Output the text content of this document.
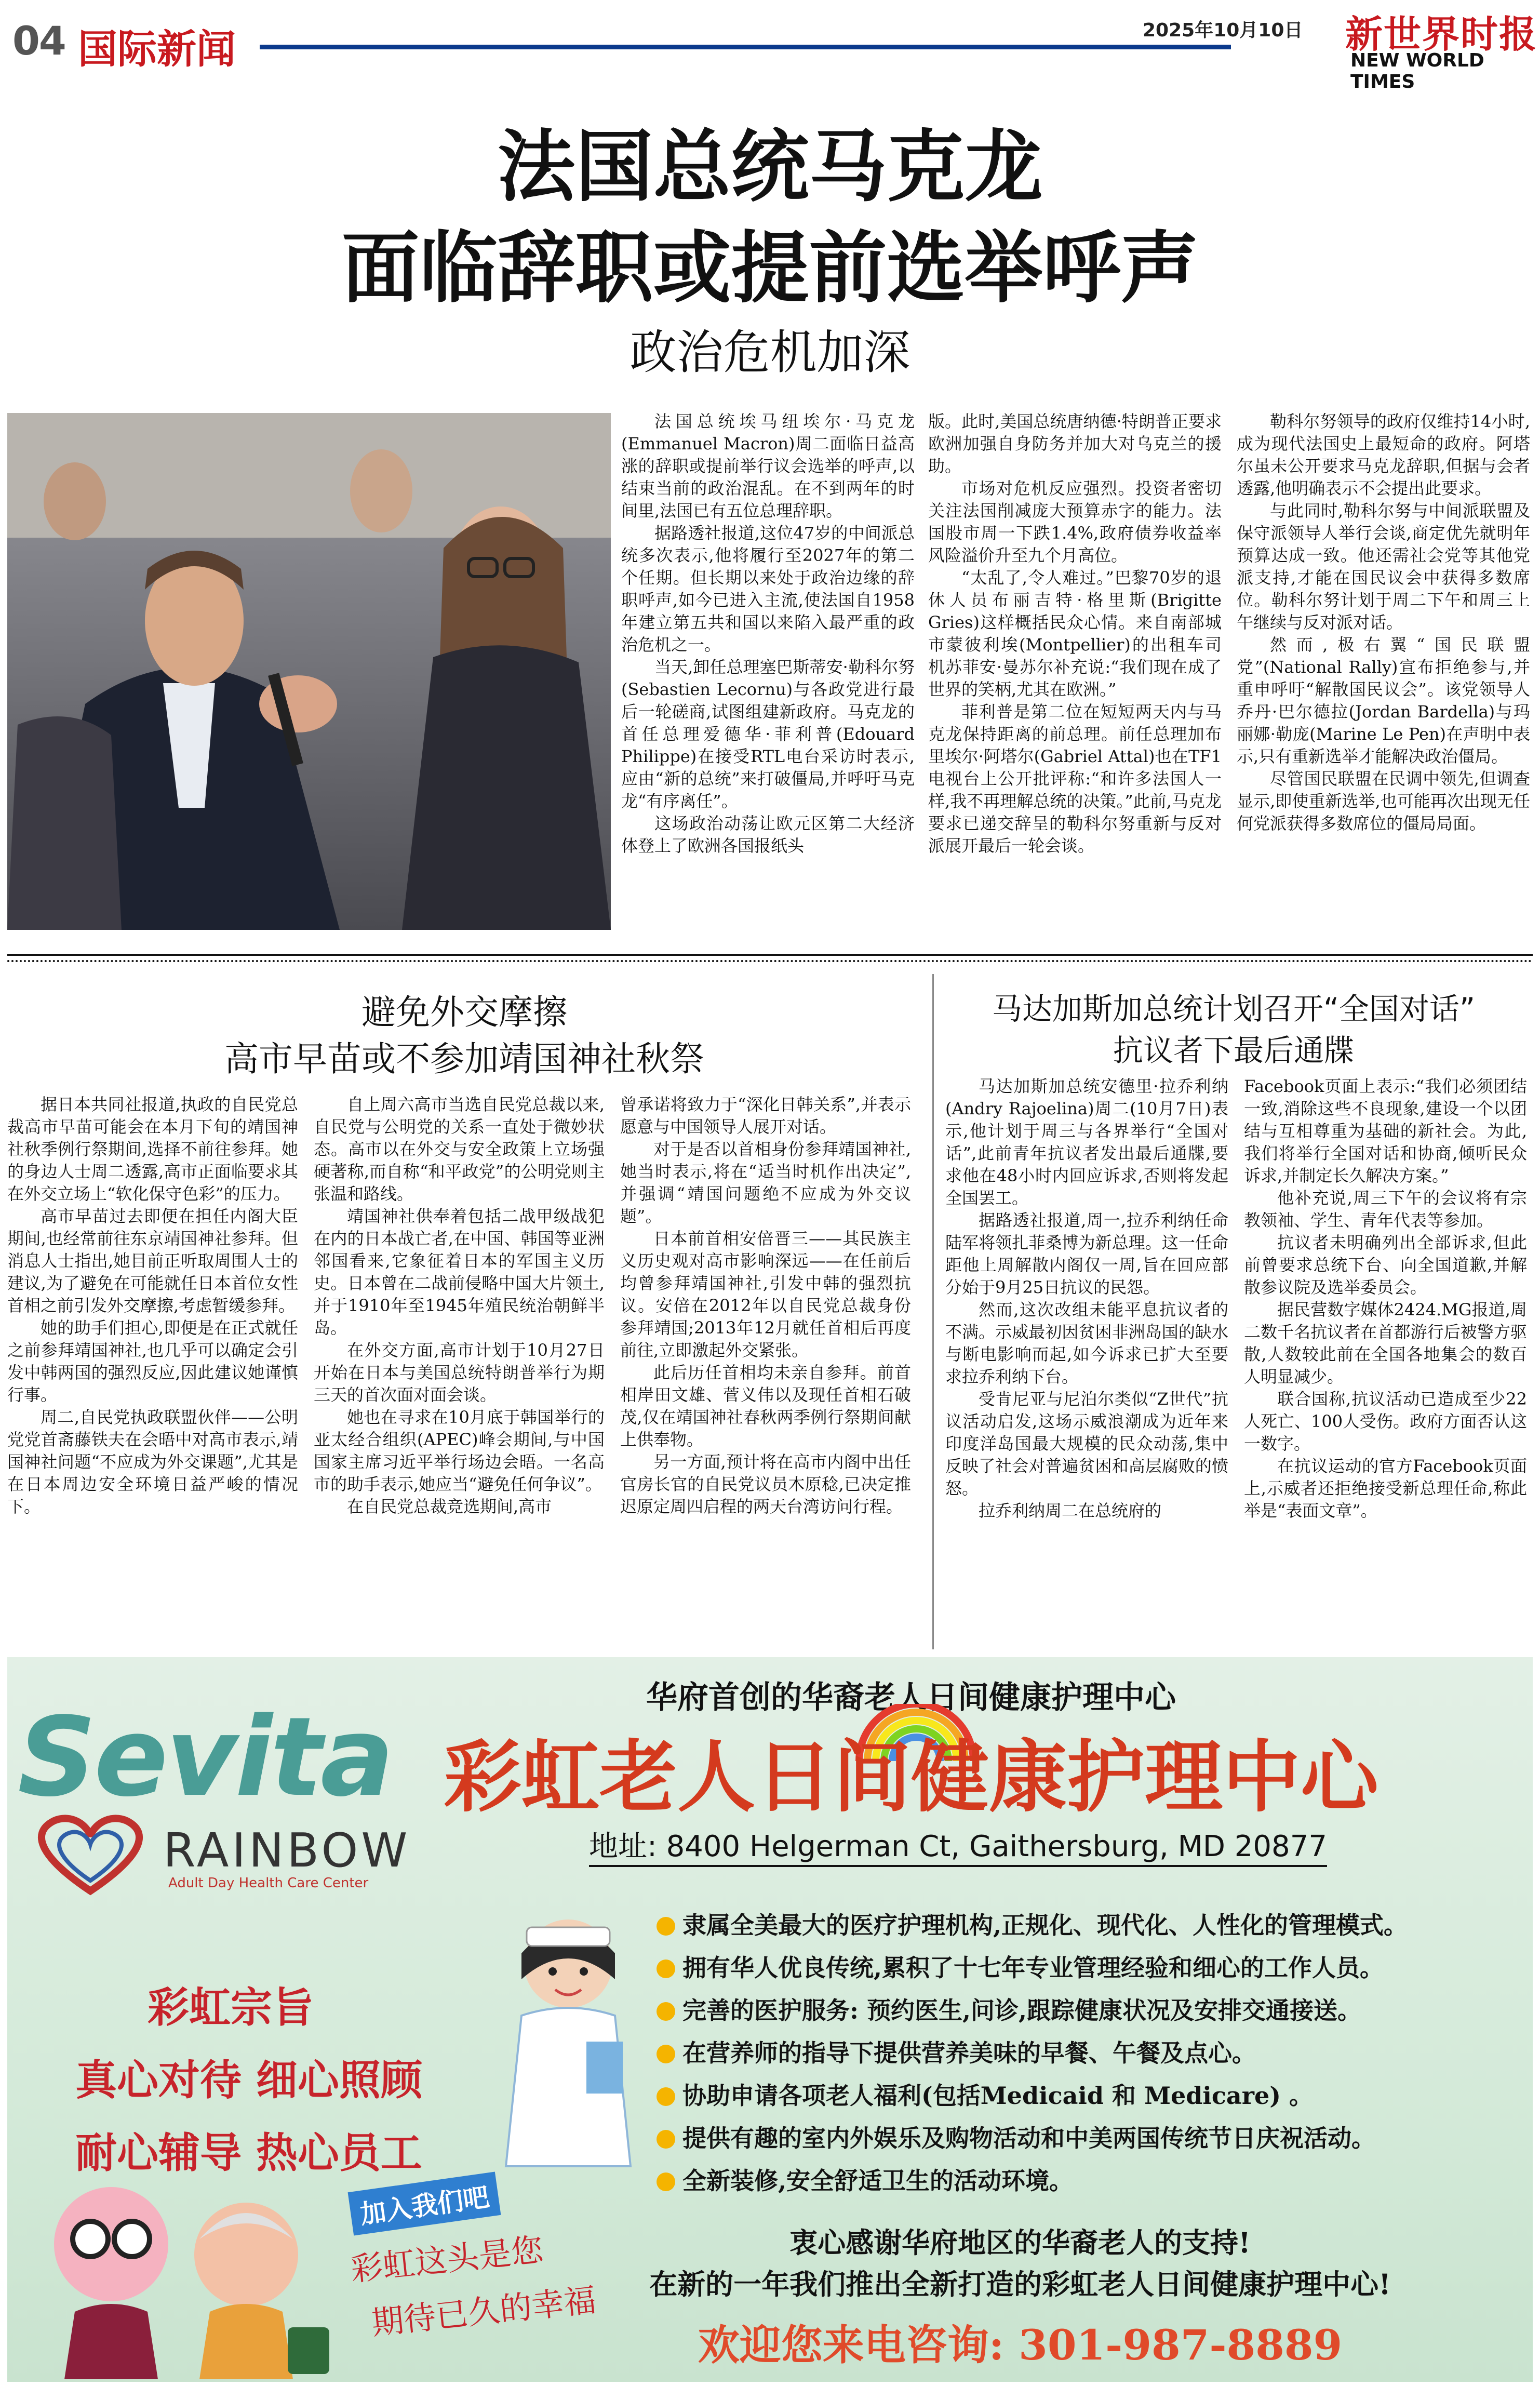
04 国际新闻	2025年10月10日 新世界时报
NEW WORLD TIMES
法国总统马克龙
面临辞职或提前选举呼声
政治危机加深

法国总统埃马纽埃尔·马克龙(Emmanuel Macron)周二面临日益高涨的辞职或提前举行议会选举的呼声,以结束当前的政治混乱。在不到两年的时间里,法国已有五位总理辞职。

据路透社报道,这位47岁的中间派总统多次表示,他将履行至2027年的第二个任期。但长期以来处于政治边缘的辞职呼声,如今已进入主流,使法国自1958年建立第五共和国以来陷入最严重的政治危机之一。

当天,卸任总理塞巴斯蒂安·勒科尔努(Sebastien Lecornu)与各政党进行最后一轮磋商,试图组建新政府。马克龙的首任总理爱德华·菲利普(Edouard Philippe)在接受RTL电台采访时表示,应由“新的总统”来打破僵局,并呼吁马克龙“有序离任”。

这场政治动荡让欧元区第二大经济体登上了欧洲各国报纸头

版。此时,美国总统唐纳德·特朗普正要求欧洲加强自身防务并加大对乌克兰的援助。

市场对危机反应强烈。投资者密切关注法国削减庞大预算赤字的能力。法国股市周一下跌1.4%,政府债券收益率风险溢价升至九个月高位。

“太乱了,令人难过。”巴黎70岁的退休人员布丽吉特·格里斯(Brigitte Gries)这样概括民众心情。来自南部城市蒙彼利埃(Montpellier)的出租车司机苏菲安·曼苏尔补充说:“我们现在成了世界的笑柄,尤其在欧洲。”

菲利普是第二位在短短两天内与马克龙保持距离的前总理。前任总理加布里埃尔·阿塔尔(Gabriel Attal)也在TF1电视台上公开批评称:“和许多法国人一样,我不再理解总统的决策。”此前,马克龙要求已递交辞呈的勒科尔努重新与反对派展开最后一轮会谈。

勒科尔努领导的政府仅维持14小时,成为现代法国史上最短命的政府。阿塔尔虽未公开要求马克龙辞职,但据与会者透露,他明确表示不会提出此要求。

与此同时,勒科尔努与中间派联盟及保守派领导人举行会谈,商定优先就明年预算达成一致。他还需社会党等其他党派支持,才能在国民议会中获得多数席位。勒科尔努计划于周二下午和周三上午继续与反对派对话。

然而,极右翼“国民联盟党”(National Rally)宣布拒绝参与,并重申呼吁“解散国民议会”。该党领导人乔丹·巴尔德拉(Jordan Bardella)与玛丽娜·勒庞(Marine Le Pen)在声明中表示,只有重新选举才能解决政治僵局。

尽管国民联盟在民调中领先,但调查显示,即使重新选举,也可能再次出现无任何党派获得多数席位的僵局局面。

避免外交摩擦
高市早苗或不参加靖国神社秋祭

据日本共同社报道,执政的自民党总裁高市早苗可能会在本月下旬的靖国神社秋季例行祭期间,选择不前往参拜。她的身边人士周二透露,高市正面临要求其在外交立场上“软化保守色彩”的压力。

高市早苗过去即便在担任内阁大臣期间,也经常前往东京靖国神社参拜。但消息人士指出,她目前正听取周围人士的建议,为了避免在可能就任日本首位女性首相之前引发外交摩擦,考虑暂缓参拜。

她的助手们担心,即便是在正式就任之前参拜靖国神社,也几乎可以确定会引发中韩两国的强烈反应,因此建议她谨慎行事。

周二,自民党执政联盟伙伴——公明党党首斋藤铁夫在会晤中对高市表示,靖国神社问题“不应成为外交课题”,尤其是在日本周边安全环境日益严峻的情况下。

自上周六高市当选自民党总裁以来,自民党与公明党的关系一直处于微妙状态。高市以在外交与安全政策上立场强硬著称,而自称“和平政党”的公明党则主张温和路线。

靖国神社供奉着包括二战甲级战犯在内的日本战亡者,在中国、韩国等亚洲邻国看来,它象征着日本的军国主义历史。日本曾在二战前侵略中国大片领土,并于1910年至1945年殖民统治朝鲜半岛。

在外交方面,高市计划于10月27日开始在日本与美国总统特朗普举行为期三天的首次面对面会谈。

她也在寻求在10月底于韩国举行的亚太经合组织(APEC)峰会期间,与中国国家主席习近平举行场边会晤。一名高市的助手表示,她应当“避免任何争议”。

在自民党总裁竞选期间,高市

曾承诺将致力于“深化日韩关系”,并表示愿意与中国领导人展开对话。

对于是否以首相身份参拜靖国神社,她当时表示,将在“适当时机作出决定”,并强调“靖国问题绝不应成为外交议题”。

日本前首相安倍晋三——其民族主义历史观对高市影响深远——在任前后均曾参拜靖国神社,引发中韩的强烈抗议。安倍在2012年以自民党总裁身份参拜靖国;2013年12月就任首相后再度前往,立即激起外交紧张。

此后历任首相均未亲自参拜。前首相岸田文雄、菅义伟以及现任首相石破茂,仅在靖国神社春秋两季例行祭期间献上供奉物。

另一方面,预计将在高市内阁中出任官房长官的自民党议员木原稔,已决定推迟原定周四启程的两天台湾访问行程。

马达加斯加总统计划召开“全国对话”
抗议者下最后通牒

马达加斯加总统安德里·拉乔利纳(Andry Rajoelina)周二(10月7日)表示,他计划于周三与各界举行“全国对话”,此前青年抗议者发出最后通牒,要求他在48小时内回应诉求,否则将发起全国罢工。

据路透社报道,周一,拉乔利纳任命陆军将领扎菲桑博为新总理。这一任命距他上周解散内阁仅一周,旨在回应部分始于9月25日抗议的民怨。

然而,这次改组未能平息抗议者的不满。示威最初因贫困非洲岛国的缺水与断电影响而起,如今诉求已扩大至要求拉乔利纳下台。

受肯尼亚与尼泊尔类似“Z世代”抗议活动启发,这场示威浪潮成为近年来印度洋岛国最大规模的民众动荡,集中反映了社会对普遍贫困和高层腐败的愤怒。

拉乔利纳周二在总统府的

Facebook页面上表示:“我们必须团结一致,消除这些不良现象,建设一个以团结与互相尊重为基础的新社会。为此,我们将举行全国对话和协商,倾听民众诉求,并制定长久解决方案。”

他补充说,周三下午的会议将有宗教领袖、学生、青年代表等参加。

抗议者未明确列出全部诉求,但此前曾要求总统下台、向全国道歉,并解散参议院及选举委员会。

据民营数字媒体2424.MG报道,周二数千名抗议者在首都游行后被警方驱散,人数较此前在全国各地集会的数百人明显减少。

联合国称,抗议活动已造成至少22人死亡、100人受伤。政府方面否认这一数字。

在抗议运动的官方Facebook页面上,示威者还拒绝接受新总理任命,称此举是“表面文章”。

Sevita
RAINBOW
Adult Day Health Care Center
华府首创的华裔老人日间健康护理中心
彩虹老人日间健康护理中心
地址: 8400 Helgerman Ct, Gaithersburg, MD 20877
彩虹宗旨
真心对待 细心照顾
耐心辅导 热心员工
隶属全美最大的医疗护理机构,正规化、现代化、人性化的管理模式。
拥有华人优良传统,累积了十七年专业管理经验和细心的工作人员。
完善的医护服务: 预约医生,问诊,跟踪健康状况及安排交通接送。
在营养师的指导下提供营养美味的早餐、午餐及点心。
协助申请各项老人福利(包括Medicaid 和 Medicare) 。
提供有趣的室内外娱乐及购物活动和中美两国传统节日庆祝活动。
全新装修,安全舒适卫生的活动环境。
加入我们吧
彩虹这头是您
期待已久的幸福
衷心感谢华府地区的华裔老人的支持!
在新的一年我们推出全新打造的彩虹老人日间健康护理中心!
欢迎您来电咨询: 301-987-8889
